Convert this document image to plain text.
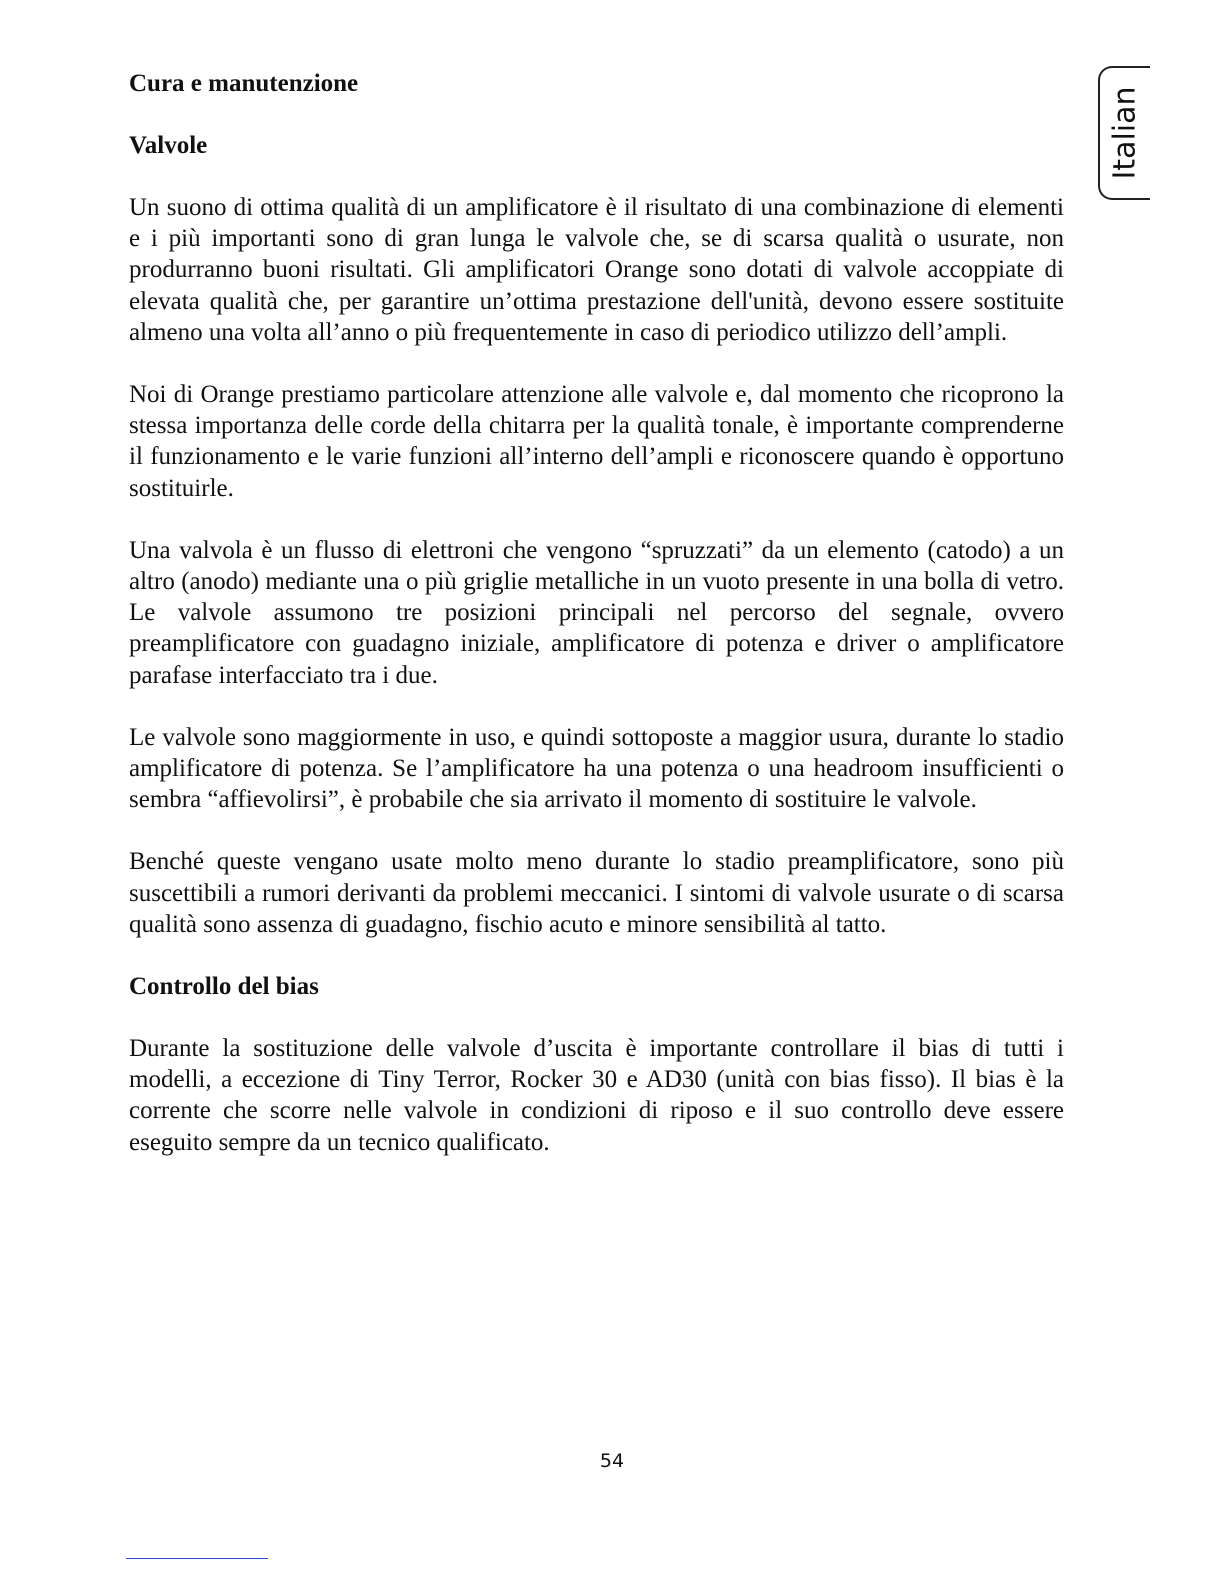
Cura e manutenzione
Valvole

Un suono di ottima qualità di un amplificatore è il risultato di una combinazione di elementi e i più importanti sono di gran lunga le valvole che, se di scarsa qualità o usurate, non produrranno buoni risultati. Gli amplificatori Orange sono dotati di valvole accoppiate di elevata qualità che, per garantire un’ottima prestazione dell'unità, devono essere sostituite almeno una volta all’anno o più frequentemente in caso di periodico utilizzo dell’ampli.

Noi di Orange prestiamo particolare attenzione alle valvole e, dal momento che ricoprono la stessa importanza delle corde della chitarra per la qualità tonale, è importante comprenderne il funzionamento e le varie funzioni all’interno dell’ampli e riconoscere quando è opportuno sostituirle.

Una valvola è un flusso di elettroni che vengono “spruzzati” da un elemento (catodo) a un altro (anodo) mediante una o più griglie metalliche in un vuoto presente in una bolla di vetro. Le valvole assumono tre posizioni principali nel percorso del segnale, ovvero preamplificatore con guadagno iniziale, amplificatore di potenza e driver o amplificatore parafase interfacciato tra i due.

Le valvole sono maggiormente in uso, e quindi sottoposte a maggior usura, durante lo stadio amplificatore di potenza. Se l’amplificatore ha una potenza o una headroom insufficienti o sembra “affievolirsi”, è probabile che sia arrivato il momento di sostituire le valvole.

Benché queste vengano usate molto meno durante lo stadio preamplificatore, sono più suscettibili a rumori derivanti da problemi meccanici. I sintomi di valvole usurate o di scarsa qualità sono assenza di guadagno, fischio acuto e minore sensibilità al tatto.

Controllo del bias

Durante la sostituzione delle valvole d’uscita è importante controllare il bias di tutti i modelli, a eccezione di Tiny Terror, Rocker 30 e AD30 (unità con bias fisso). Il bias è la corrente che scorre nelle valvole in condizioni di riposo e il suo controllo deve essere eseguito sempre da un tecnico qualificato.

Italian
54
